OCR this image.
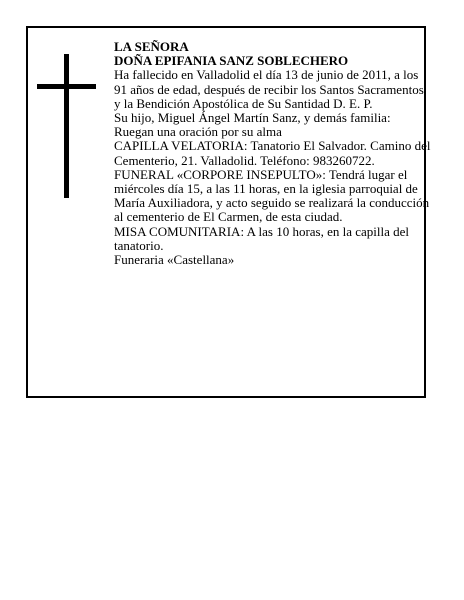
LA SEÑORA

DOÑA EPIFANIA SANZ SOBLECHERO

Ha fallecido en Valladolid el día 13 de junio de 2011, a los 91 años de edad, después de recibir los Santos Sacramentos y la Bendición Apostólica de Su Santidad D. E. P.

Su hijo, Miguel Ángel Martín Sanz, y demás familia:

Ruegan una oración por su alma

CAPILLA VELATORIA: Tanatorio El Salvador. Camino del Cementerio, 21. Valladolid. Teléfono: 983260722.

FUNERAL «CORPORE INSEPULTO»: Tendrá lugar el miércoles día 15, a las 11 horas, en la iglesia parroquial de María Auxiliadora, y acto seguido se realizará la conducción al cementerio de El Carmen, de esta ciudad.

MISA COMUNITARIA: A las 10 horas, en la capilla del tanatorio.

Funeraria «Castellana»
